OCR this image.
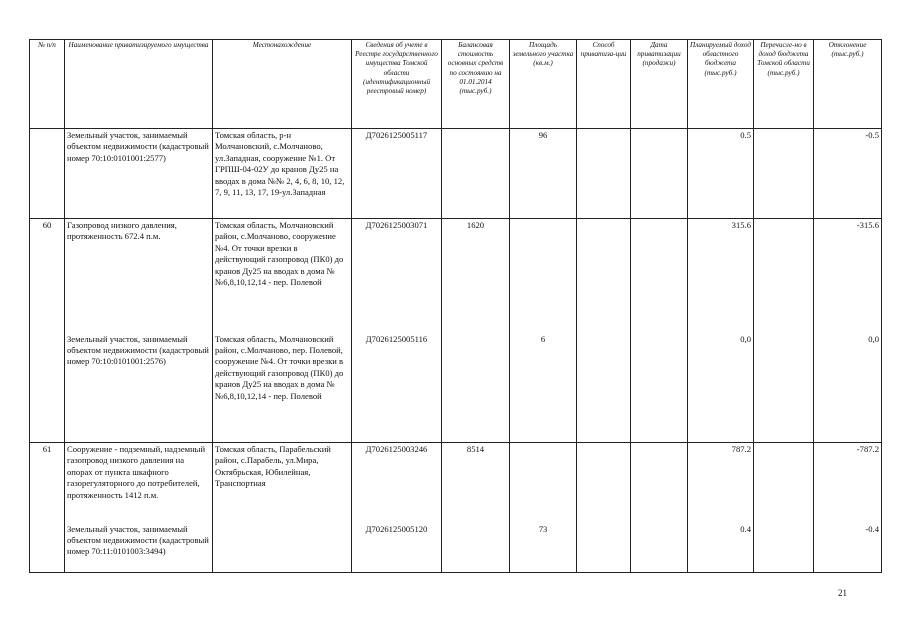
№ п/п	Наименование приватизируемого имущества	Местонахождение	Сведения об учете в Реестре государственного имущества Томской области (идентификационный реестровый номер)	Балансовая стоимость основных средств по состоянию на 01.01.2014 (тыс.руб.)	Площадь земельного участка (кв.м.)	Способ приватиза-ции	Дата приватизации (продажи)	Планируемый доход областного бюджета (тыс.руб.)	Перечисле-но в доход бюджета Томской области (тыс.руб.)	Отклонение (тыс.руб.)
	Земельный участок, занимаемый объектом недвижимости (кадастровый номер 70:10:0101001:2577)	Томская область, р-н Молчановский, с.Молчаново, ул.Западная, сооружение №1. От ГРПШ-04-02У до кранов Ду25 на вводах в дома №№ 2, 4, 6, 8, 10, 12, 7, 9, 11, 13, 17, 19-ул.Западная	Д7026125005117		96			0.5		-0.5
60	Газопровод низкого давления, протяженность 672.4 п.м.	Томская область, Молчановский район, с.Молчаново, сооружение №4. От точки врезки в действующий газопровод (ПК0) до кранов Ду25 на вводах в дома №№6,8,10,12,14 - пер. Полевой	Д7026125003071	1620				315.6		-315.6
	Земельный участок, занимаемый объектом недвижимости (кадастровый номер 70:10:0101001:2576)	Томская область, Молчановский район, с.Молчаново, пер. Полевой, сооружение №4. От точки врезки в действующий газопровод (ПК0) до кранов Ду25 на вводах в дома №№6,8,10,12,14 - пер. Полевой	Д7026125005116		6			0,0		0,0
61	Сооружение - подземный, надземный газопровод низкого давления на опорах от пункта шкафного газорегуляторного до потребителей, протяженность 1412 п.м.	Томская область, Парабельский район, с.Парабель, ул.Мира, Октябрьская, Юбилейная, Транспортная	Д7026125003246	8514				787.2		-787.2
	Земельный участок, занимаемый объектом недвижимости (кадастровый номер 70:11:0101003:3494)		Д7026125005120		73			0.4		-0.4
21
